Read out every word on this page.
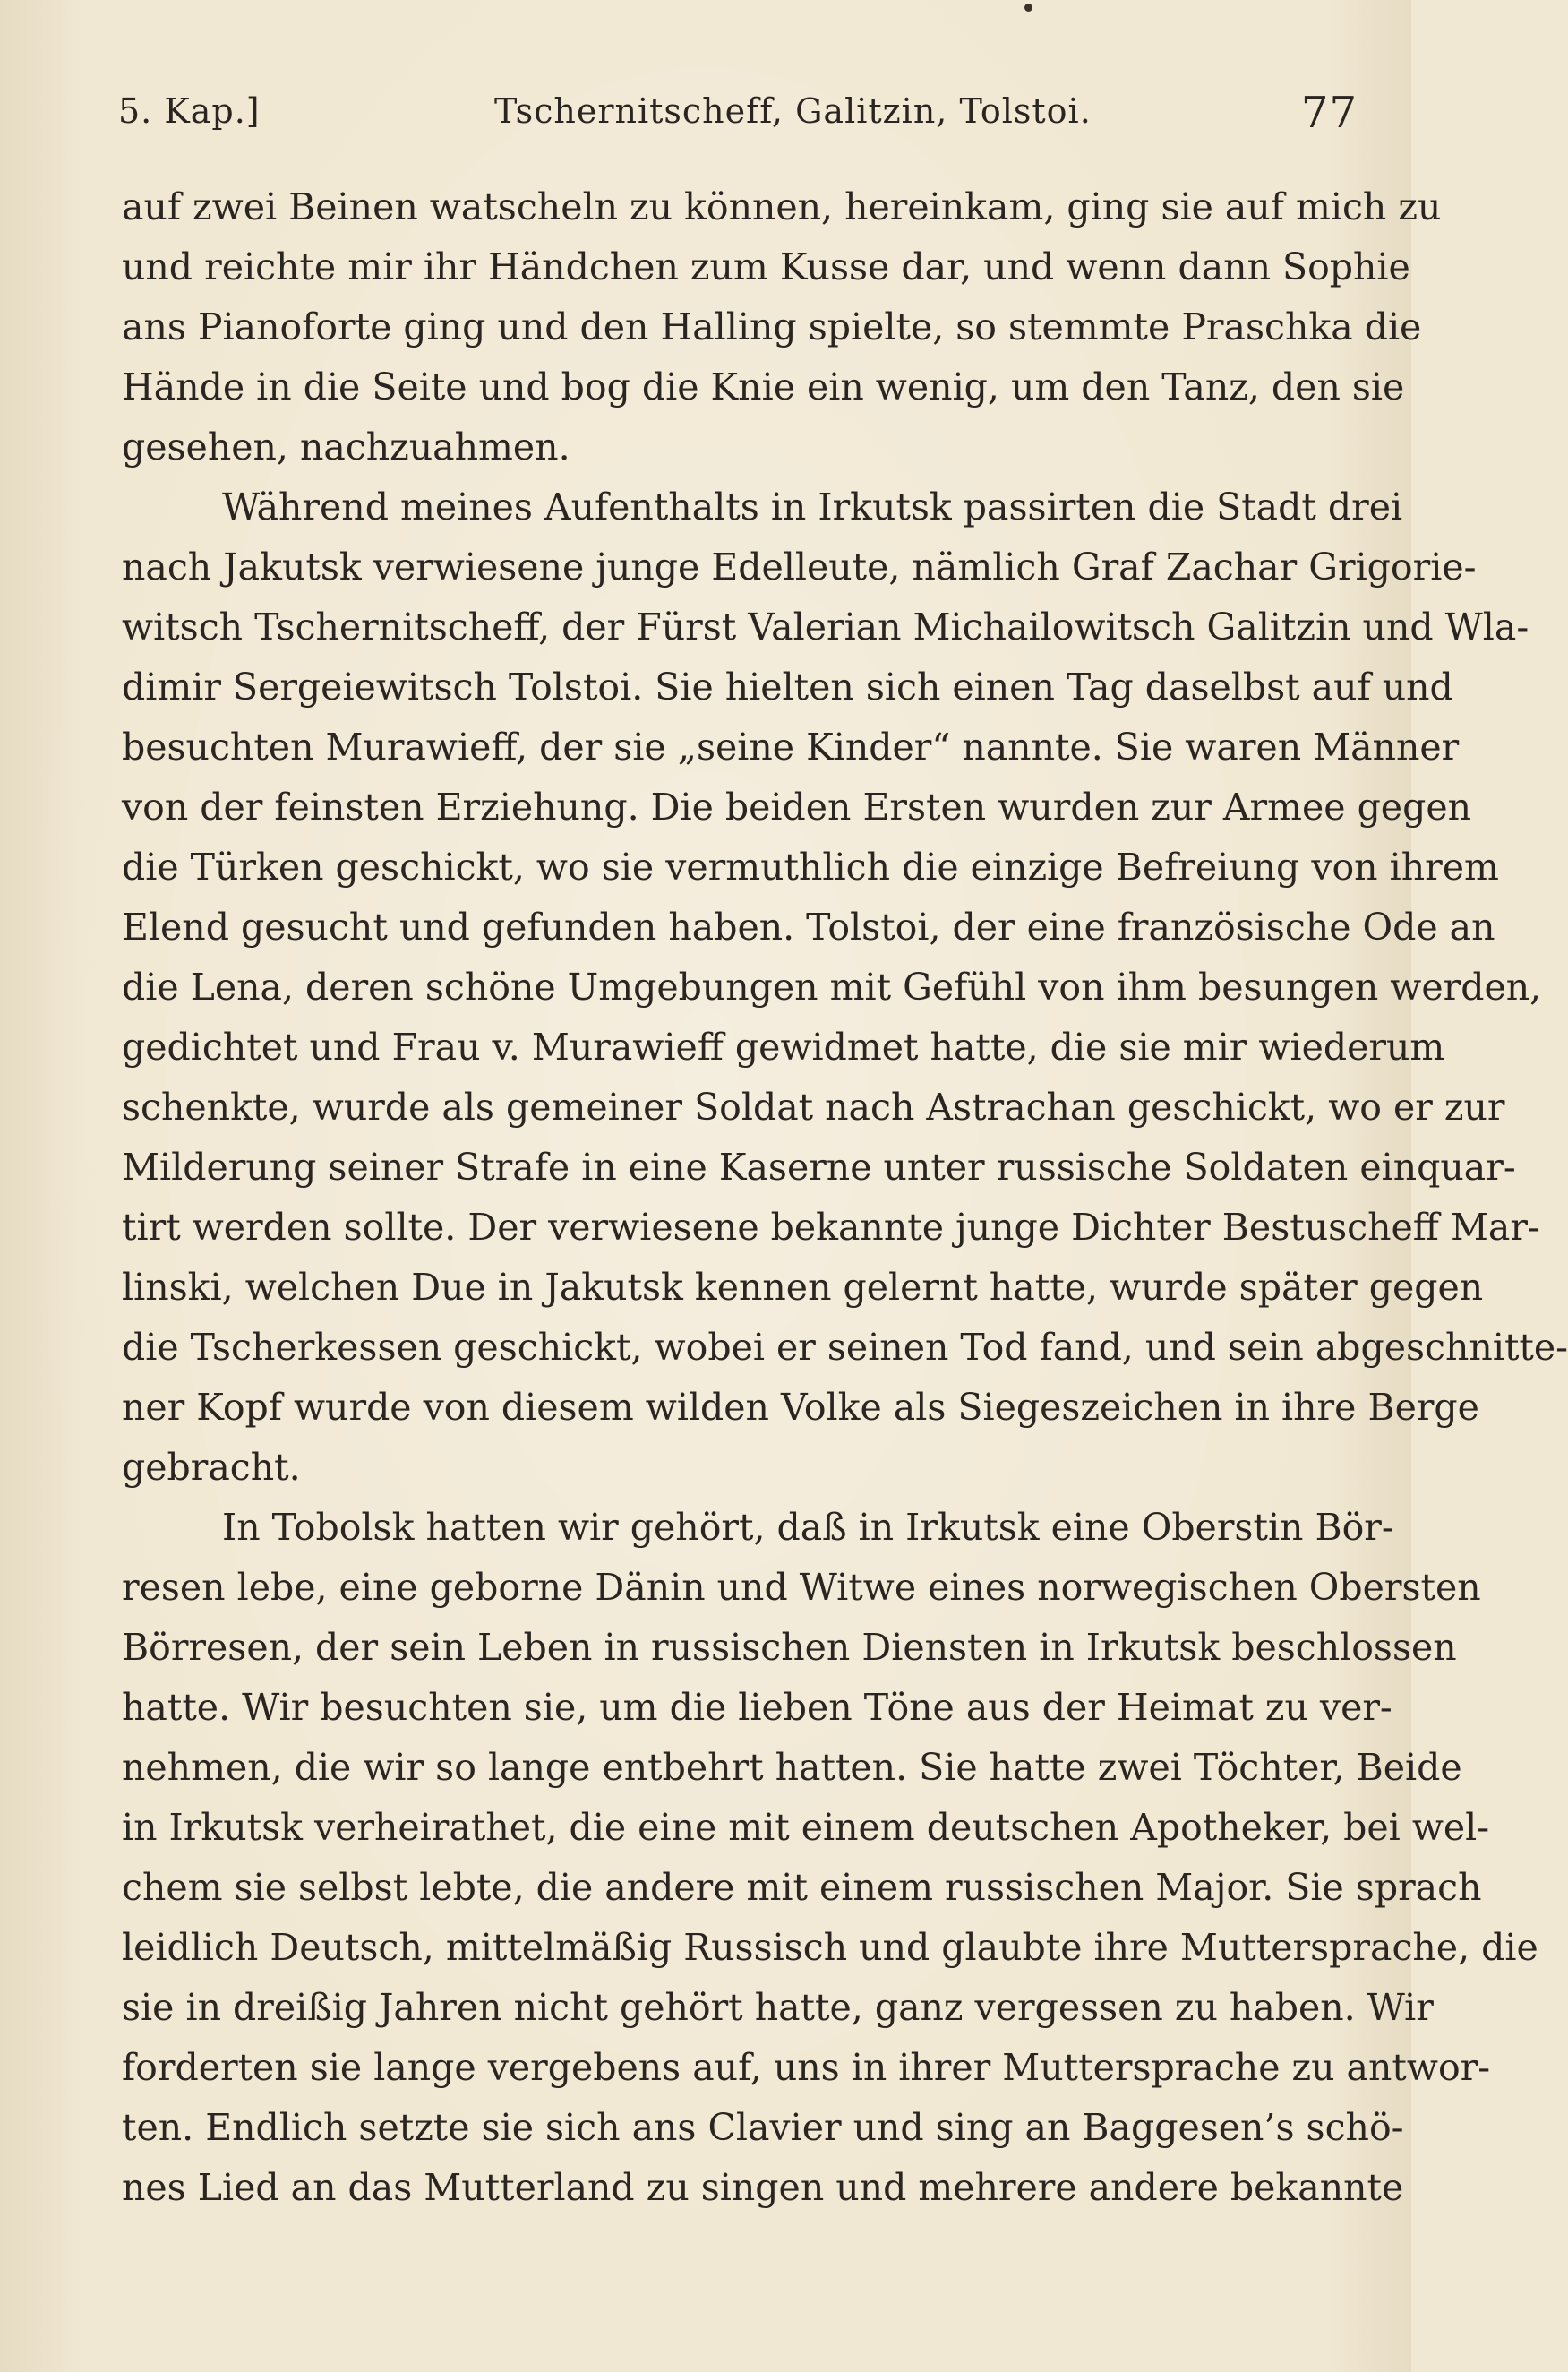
5. Kap.]	Tschernitscheff, Galitzin, Tolstoi.	77
auf zwei Beinen watscheln zu können, hereinkam, ging sie auf mich zu
und reichte mir ihr Händchen zum Kusse dar, und wenn dann Sophie
ans Pianoforte ging und den Halling spielte, so stemmte Praschka die
Hände in die Seite und bog die Knie ein wenig, um den Tanz, den sie
gesehen, nachzuahmen.
Während meines Aufenthalts in Irkutsk passirten die Stadt drei
nach Jakutsk verwiesene junge Edelleute, nämlich Graf Zachar Grigorie-
witsch Tschernitscheff, der Fürst Valerian Michailowitsch Galitzin und Wla-
dimir Sergeiewitsch Tolstoi. Sie hielten sich einen Tag daselbst auf und
besuchten Murawieff, der sie „seine Kinder“ nannte. Sie waren Männer
von der feinsten Erziehung. Die beiden Ersten wurden zur Armee gegen
die Türken geschickt, wo sie vermuthlich die einzige Befreiung von ihrem
Elend gesucht und gefunden haben. Tolstoi, der eine französische Ode an
die Lena, deren schöne Umgebungen mit Gefühl von ihm besungen werden,
gedichtet und Frau v. Murawieff gewidmet hatte, die sie mir wiederum
schenkte, wurde als gemeiner Soldat nach Astrachan geschickt, wo er zur
Milderung seiner Strafe in eine Kaserne unter russische Soldaten einquar-
tirt werden sollte. Der verwiesene bekannte junge Dichter Bestuscheff Mar-
linski, welchen Due in Jakutsk kennen gelernt hatte, wurde später gegen
die Tscherkessen geschickt, wobei er seinen Tod fand, und sein abgeschnitte-
ner Kopf wurde von diesem wilden Volke als Siegeszeichen in ihre Berge
gebracht.
In Tobolsk hatten wir gehört, daß in Irkutsk eine Oberstin Bör-
resen lebe, eine geborne Dänin und Witwe eines norwegischen Obersten
Börresen, der sein Leben in russischen Diensten in Irkutsk beschlossen
hatte. Wir besuchten sie, um die lieben Töne aus der Heimat zu ver-
nehmen, die wir so lange entbehrt hatten. Sie hatte zwei Töchter, Beide
in Irkutsk verheirathet, die eine mit einem deutschen Apotheker, bei wel-
chem sie selbst lebte, die andere mit einem russischen Major. Sie sprach
leidlich Deutsch, mittelmäßig Russisch und glaubte ihre Muttersprache, die
sie in dreißig Jahren nicht gehört hatte, ganz vergessen zu haben. Wir
forderten sie lange vergebens auf, uns in ihrer Muttersprache zu antwor-
ten. Endlich setzte sie sich ans Clavier und sing an Baggesen’s schö-
nes Lied an das Mutterland zu singen und mehrere andere bekannte
